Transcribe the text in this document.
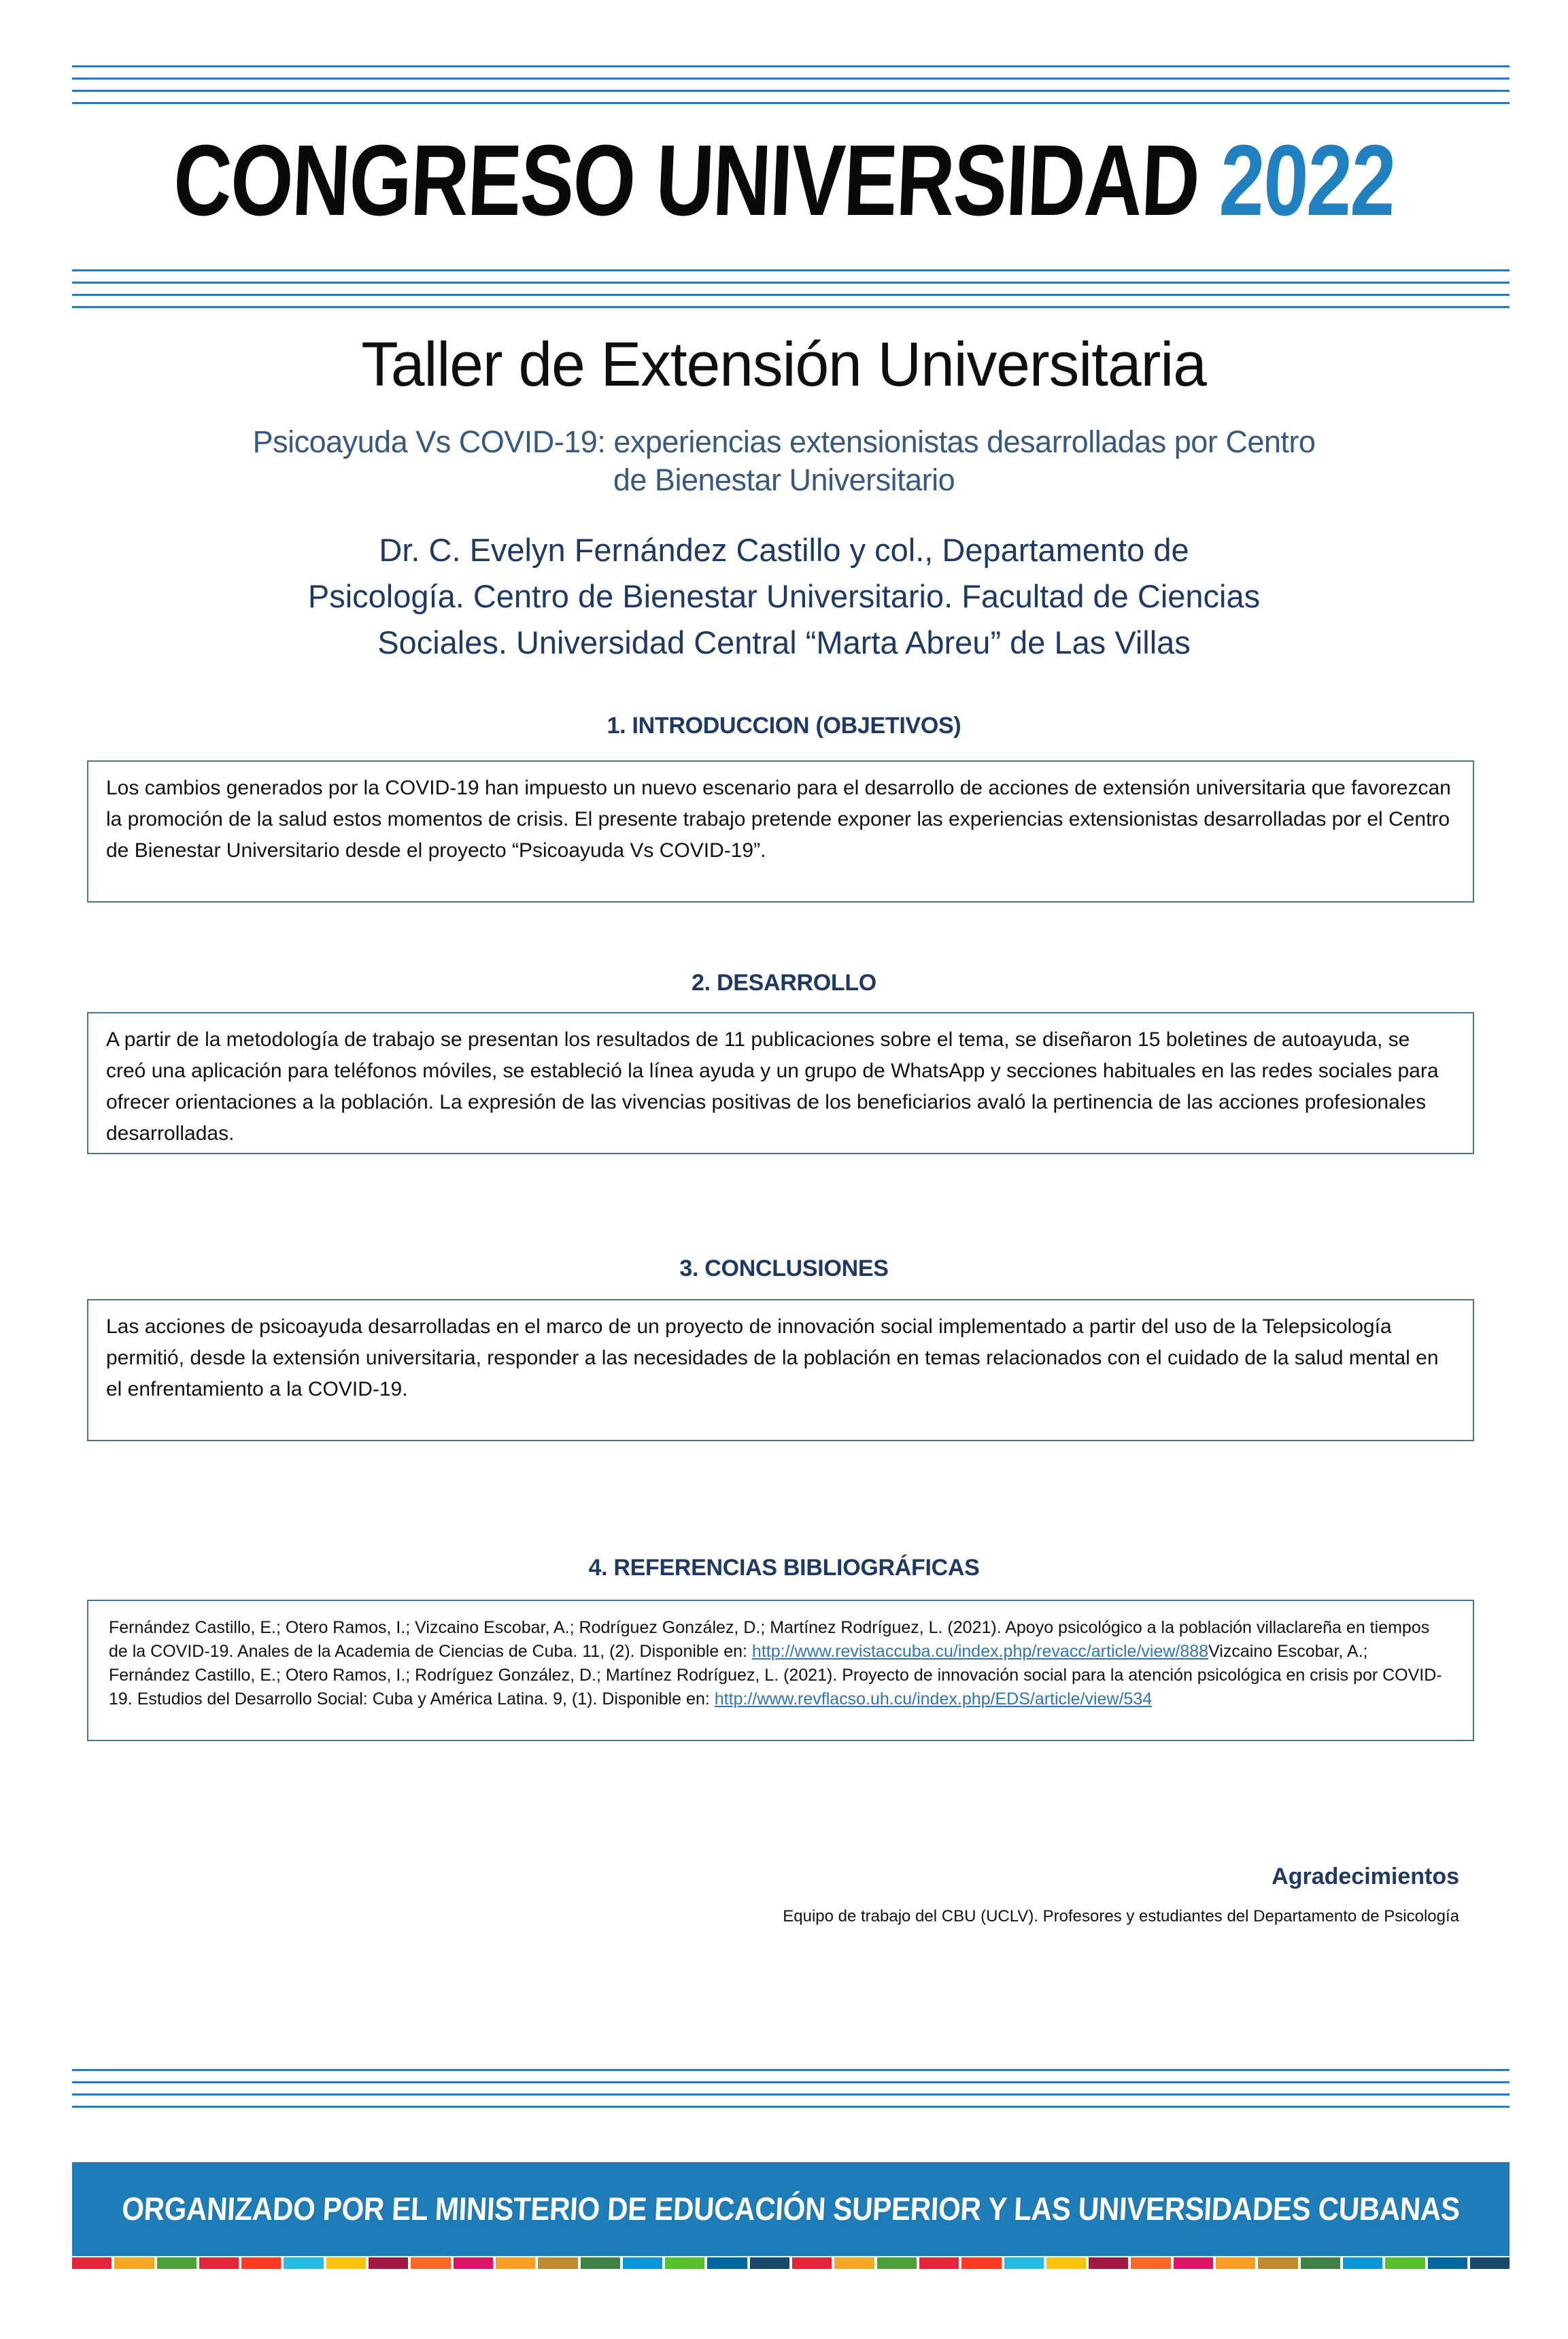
CONGRESO UNIVERSIDAD 2022
Taller de Extensión Universitaria
Psicoayuda Vs COVID-19: experiencias extensionistas desarrolladas por Centro
de Bienestar Universitario
Dr. C. Evelyn Fernández Castillo y col., Departamento de
Psicología. Centro de Bienestar Universitario. Facultad de Ciencias
Sociales. Universidad Central “Marta Abreu” de Las Villas
1. INTRODUCCION (OBJETIVOS)
Los cambios generados por la COVID-19 han impuesto un nuevo escenario para el desarrollo de acciones de extensión universitaria que favorezcan la promoción de la salud estos momentos de crisis. El presente trabajo pretende exponer las experiencias extensionistas desarrolladas por el Centro de Bienestar Universitario desde el proyecto “Psicoayuda Vs COVID-19”.
2. DESARROLLO
A partir de la metodología de trabajo se presentan los resultados de 11 publicaciones sobre el tema, se diseñaron 15 boletines de autoayuda, se creó una aplicación para teléfonos móviles, se estableció la línea ayuda y un grupo de WhatsApp y secciones habituales en las redes sociales para ofrecer orientaciones a la población. La expresión de las vivencias positivas de los beneficiarios avaló la pertinencia de las acciones profesionales desarrolladas.
3. CONCLUSIONES
Las acciones de psicoayuda desarrolladas en el marco de un proyecto de innovación social implementado a partir del uso de la Telepsicología permitió, desde la extensión universitaria, responder a las necesidades de la población en temas relacionados con el cuidado de la salud mental en el enfrentamiento a la COVID-19.
4. REFERENCIAS BIBLIOGRÁFICAS
Fernández Castillo, E.; Otero Ramos, I.; Vizcaino Escobar, A.; Rodríguez González, D.; Martínez Rodríguez, L. (2021). Apoyo psicológico a la población villaclareña en tiempos de la COVID-19. Anales de la Academia de Ciencias de Cuba. 11, (2). Disponible en: http://www.revistaccuba.cu/index.php/revacc/article/view/888Vizcaino Escobar, A.; Fernández Castillo, E.; Otero Ramos, I.; Rodríguez González, D.; Martínez Rodríguez, L. (2021). Proyecto de innovación social para la atención psicológica en crisis por COVID-19. Estudios del Desarrollo Social: Cuba y América Latina. 9, (1). Disponible en: http://www.revflacso.uh.cu/index.php/EDS/article/view/534
Agradecimientos
Equipo de trabajo del CBU (UCLV). Profesores y estudiantes del Departamento de Psicología
ORGANIZADO POR EL MINISTERIO DE EDUCACIÓN SUPERIOR Y LAS UNIVERSIDADES CUBANAS
